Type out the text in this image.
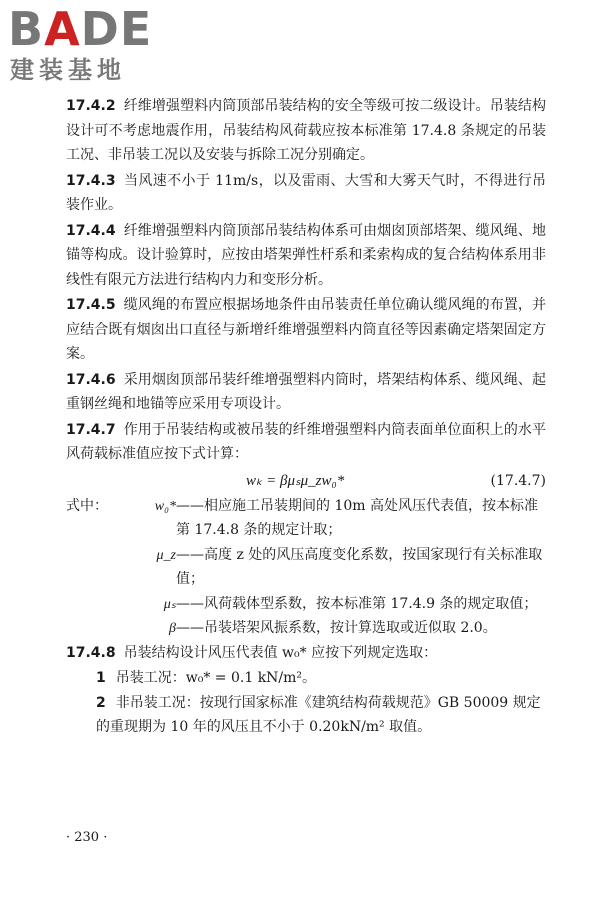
BADE
建装基地

17.4.2 纤维增强塑料内筒顶部吊装结构的安全等级可按二级设计。吊装结构设计可不考虑地震作用，吊装结构风荷载应按本标准第 17.4.8 条规定的吊装工况、非吊装工况以及安装与拆除工况分别确定。

17.4.3 当风速不小于 11m/s，以及雷雨、大雪和大雾天气时，不得进行吊装作业。

17.4.4 纤维增强塑料内筒顶部吊装结构体系可由烟囱顶部塔架、缆风绳、地锚等构成。设计验算时，应按由塔架弹性杆系和柔索构成的复合结构体系用非线性有限元方法进行结构内力和变形分析。

17.4.5 缆风绳的布置应根据场地条件由吊装责任单位确认缆风绳的布置，并应结合既有烟囱出口直径与新增纤维增强塑料内筒直径等因素确定塔架固定方案。

17.4.6 采用烟囱顶部吊装纤维增强塑料内筒时，塔架结构体系、缆风绳、起重钢丝绳和地锚等应采用专项设计。

17.4.7 作用于吊装结构或被吊装的纤维增强塑料内筒表面单位面积上的水平风荷载标准值应按下式计算：

wₖ = βμₛμ_zw₀*	(17.4.7)
式中：	w₀* ——相应施工吊装期间的 10m 高处风压代表值，按本标准第 17.4.8 条的规定计取；
μ_z ——高度 z 处的风压高度变化系数，按国家现行有关标准取值；
μₛ ——风荷载体型系数，按本标准第 17.4.9 条的规定取值；
β ——吊装塔架风振系数，按计算选取或近似取 2.0。

17.4.8 吊装结构设计风压代表值 w₀* 应按下列规定选取：

1 吊装工况：w₀* = 0.1 kN/m²。

2 非吊装工况：按现行国家标准《建筑结构荷载规范》GB 50009 规定的重现期为 10 年的风压且不小于 0.20kN/m² 取值。

· 230 ·
